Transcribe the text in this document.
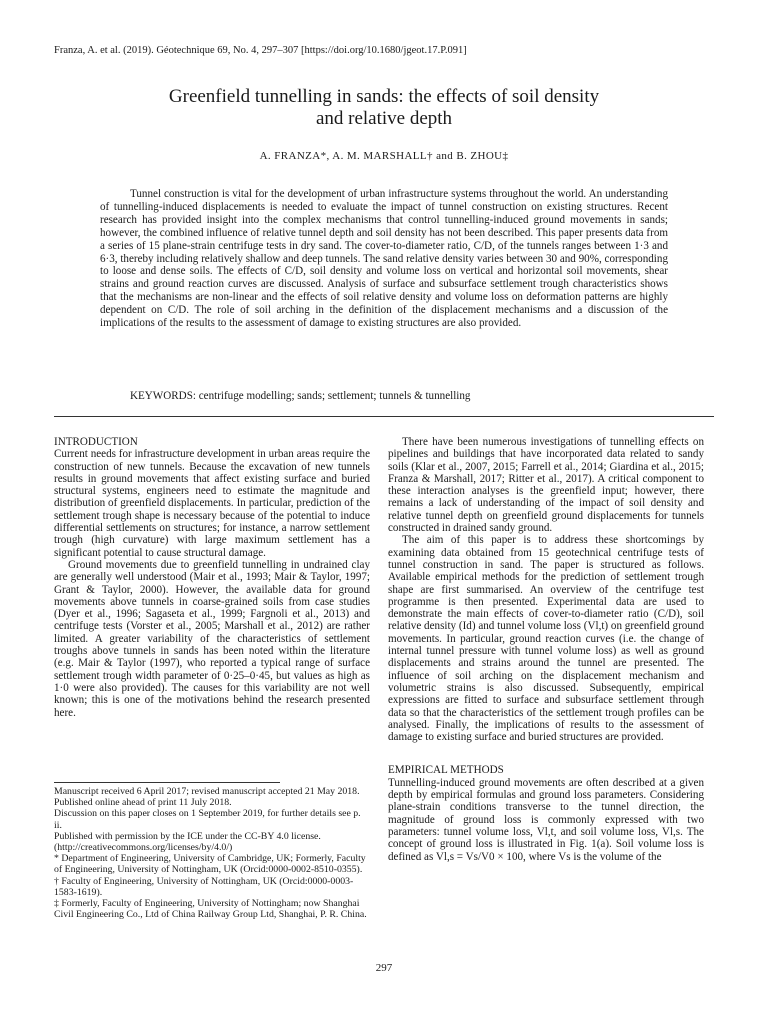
Franza, A. et al. (2019). Géotechnique 69, No. 4, 297–307 [https://doi.org/10.1680/jgeot.17.P.091]
Greenfield tunnelling in sands: the effects of soil density
and relative depth
A. FRANZA*, A. M. MARSHALL† and B. ZHOU‡

Tunnel construction is vital for the development of urban infrastructure systems throughout the world. An understanding of tunnelling-induced displacements is needed to evaluate the impact of tunnel construction on existing structures. Recent research has provided insight into the complex mechanisms that control tunnelling-induced ground movements in sands; however, the combined influence of relative tunnel depth and soil density has not been described. This paper presents data from a series of 15 plane-strain centrifuge tests in dry sand. The cover-to-diameter ratio, C/D, of the tunnels ranges between 1·3 and 6·3, thereby including relatively shallow and deep tunnels. The sand relative density varies between 30 and 90%, corresponding to loose and dense soils. The effects of C/D, soil density and volume loss on vertical and horizontal soil movements, shear strains and ground reaction curves are discussed. Analysis of surface and subsurface settlement trough characteristics shows that the mechanisms are non-linear and the effects of soil relative density and volume loss on deformation patterns are highly dependent on C/D. The role of soil arching in the definition of the displacement mechanisms and a discussion of the implications of the results to the assessment of damage to existing structures are also provided.

KEYWORDS: centrifuge modelling; sands; settlement; tunnels & tunnelling
INTRODUCTION

Current needs for infrastructure development in urban areas require the construction of new tunnels. Because the excavation of new tunnels results in ground movements that affect existing surface and buried structural systems, engineers need to estimate the magnitude and distribution of greenfield displacements. In particular, prediction of the settlement trough shape is necessary because of the potential to induce differential settlements on structures; for instance, a narrow settlement trough (high curvature) with large maximum settlement has a significant potential to cause structural damage.

Ground movements due to greenfield tunnelling in undrained clay are generally well understood (Mair et al., 1993; Mair & Taylor, 1997; Grant & Taylor, 2000). However, the available data for ground movements above tunnels in coarse-grained soils from case studies (Dyer et al., 1996; Sagaseta et al., 1999; Fargnoli et al., 2013) and centrifuge tests (Vorster et al., 2005; Marshall et al., 2012) are rather limited. A greater variability of the characteristics of settlement troughs above tunnels in sands has been noted within the literature (e.g. Mair & Taylor (1997), who reported a typical range of surface settlement trough width parameter of 0·25–0·45, but values as high as 1·0 were also provided). The causes for this variability are not well known; this is one of the motivations behind the research presented here.

Manuscript received 6 April 2017; revised manuscript accepted 21 May 2018. Published online ahead of print 11 July 2018.

Discussion on this paper closes on 1 September 2019, for further details see p. ii.

Published with permission by the ICE under the CC-BY 4.0 license. (http://creativecommons.org/licenses/by/4.0/)

* Department of Engineering, University of Cambridge, UK; Formerly, Faculty of Engineering, University of Nottingham, UK (Orcid:0000-0002-8510-0355).

† Faculty of Engineering, University of Nottingham, UK (Orcid:0000-0003-1583-1619).

‡ Formerly, Faculty of Engineering, University of Nottingham; now Shanghai Civil Engineering Co., Ltd of China Railway Group Ltd, Shanghai, P. R. China.

There have been numerous investigations of tunnelling effects on pipelines and buildings that have incorporated data related to sandy soils (Klar et al., 2007, 2015; Farrell et al., 2014; Giardina et al., 2015; Franza & Marshall, 2017; Ritter et al., 2017). A critical component to these interaction analyses is the greenfield input; however, there remains a lack of understanding of the impact of soil density and relative tunnel depth on greenfield ground displacements for tunnels constructed in drained sandy ground.

The aim of this paper is to address these shortcomings by examining data obtained from 15 geotechnical centrifuge tests of tunnel construction in sand. The paper is structured as follows. Available empirical methods for the prediction of settlement trough shape are first summarised. An overview of the centrifuge test programme is then presented. Experimental data are used to demonstrate the main effects of cover-to-diameter ratio (C/D), soil relative density (Id) and tunnel volume loss (Vl,t) on greenfield ground movements. In particular, ground reaction curves (i.e. the change of internal tunnel pressure with tunnel volume loss) as well as ground displacements and strains around the tunnel are presented. The influence of soil arching on the displacement mechanism and volumetric strains is also discussed. Subsequently, empirical expressions are fitted to surface and subsurface settlement through data so that the characteristics of the settlement trough profiles can be analysed. Finally, the implications of results to the assessment of damage to existing surface and buried structures are provided.

EMPIRICAL METHODS

Tunnelling-induced ground movements are often described at a given depth by empirical formulas and ground loss parameters. Considering plane-strain conditions transverse to the tunnel direction, the magnitude of ground loss is commonly expressed with two parameters: tunnel volume loss, Vl,t, and soil volume loss, Vl,s. The concept of ground loss is illustrated in Fig. 1(a). Soil volume loss is defined as Vl,s = Vs/V0 × 100, where Vs is the volume of the

297
